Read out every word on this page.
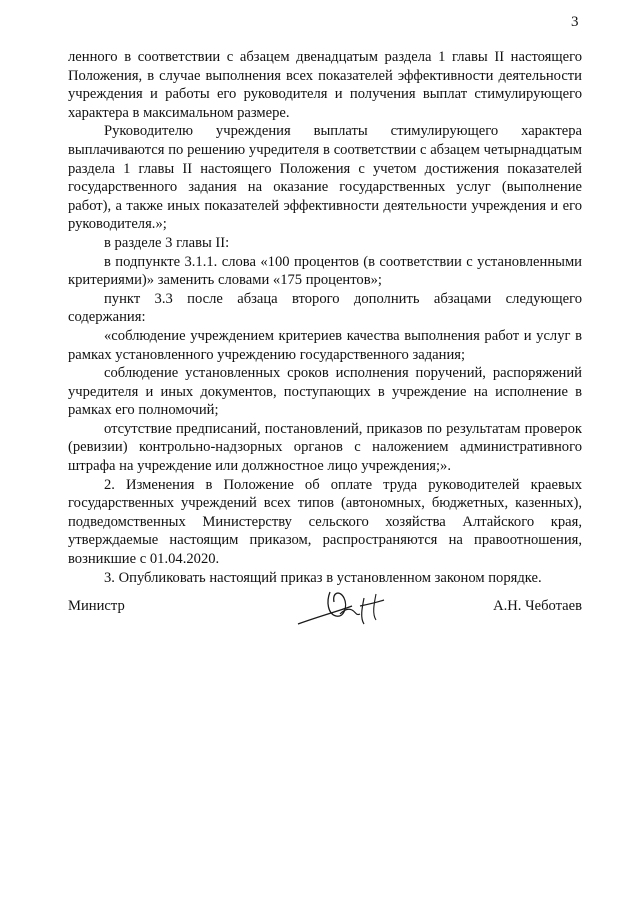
3

ленного в соответствии с абзацем двенадцатым раздела 1 главы II настоящего Положения, в случае выполнения всех показателей эффективности деятельности учреждения и работы его руководителя и получения выплат стимулирующего характера в максимальном размере.

Руководителю учреждения выплаты стимулирующего характера выплачиваются по решению учредителя в соответствии с абзацем четырнадцатым раздела 1 главы II настоящего Положения с учетом достижения показателей государственного задания на оказание государственных услуг (выполнение работ), а также иных показателей эффективности деятельности учреждения и его руководителя.»;

в разделе 3 главы II:

в подпункте 3.1.1. слова «100 процентов (в соответствии с установленными критериями)» заменить словами «175 процентов»;

пункт 3.3 после абзаца второго дополнить абзацами следующего содержания:

«соблюдение учреждением критериев качества выполнения работ и услуг в рамках установленного учреждению государственного задания;

соблюдение установленных сроков исполнения поручений, распоряжений учредителя и иных документов, поступающих в учреждение на исполнение в рамках его полномочий;

отсутствие предписаний, постановлений, приказов по результатам проверок (ревизии) контрольно-надзорных органов с наложением административного штрафа на учреждение или должностное лицо учреждения;».

2. Изменения в Положение об оплате труда руководителей краевых государственных учреждений всех типов (автономных, бюджетных, казенных), подведомственных Министерству сельского хозяйства Алтайского края, утверждаемые настоящим приказом, распространяются на правоотношения, возникшие с 01.04.2020.

3. Опубликовать настоящий приказ в установленном законом порядке.

Министр	А.Н. Чеботаев
